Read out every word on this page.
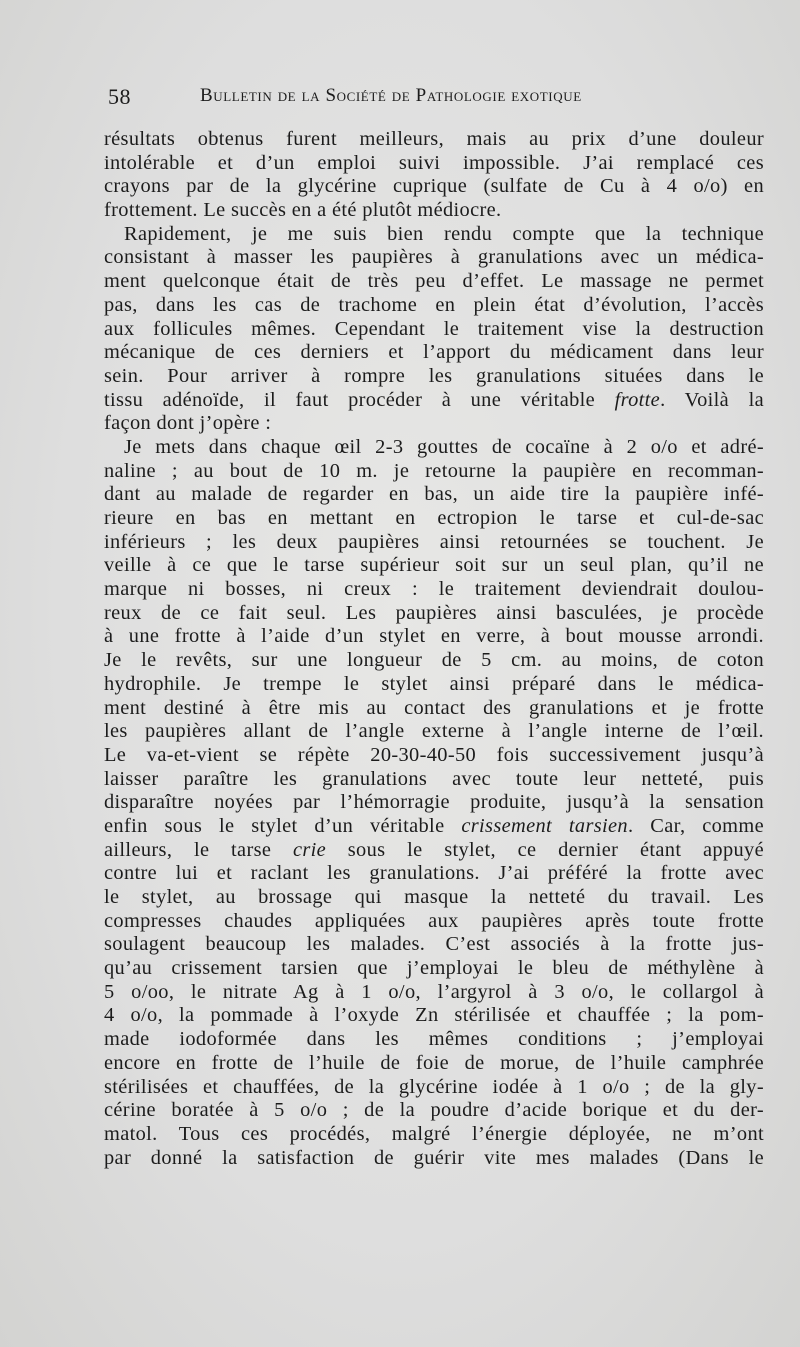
58	Bulletin de la Société de Pathologie exotique
résultats obtenus furent meilleurs, mais au prix d’une douleur
intolérable et d’un emploi suivi impossible. J’ai remplacé ces
crayons par de la glycérine cuprique (sulfate de Cu à 4 o/o) en
frottement. Le succès en a été plutôt médiocre.
Rapidement, je me suis bien rendu compte que la technique
consistant à masser les paupières à granulations avec un médica-
ment quelconque était de très peu d’effet. Le massage ne permet
pas, dans les cas de trachome en plein état d’évolution, l’accès
aux follicules mêmes. Cependant le traitement vise la destruction
mécanique de ces derniers et l’apport du médicament dans leur
sein. Pour arriver à rompre les granulations situées dans le
tissu adénoïde, il faut procéder à une véritable frotte. Voilà la
façon dont j’opère :
Je mets dans chaque œil 2-3 gouttes de cocaïne à 2 o/o et adré-
naline ; au bout de 10 m. je retourne la paupière en recomman-
dant au malade de regarder en bas, un aide tire la paupière infé-
rieure en bas en mettant en ectropion le tarse et cul-de-sac
inférieurs ; les deux paupières ainsi retournées se touchent. Je
veille à ce que le tarse supérieur soit sur un seul plan, qu’il ne
marque ni bosses, ni creux : le traitement deviendrait doulou-
reux de ce fait seul. Les paupières ainsi basculées, je procède
à une frotte à l’aide d’un stylet en verre, à bout mousse arrondi.
Je le revêts, sur une longueur de 5 cm. au moins, de coton
hydrophile. Je trempe le stylet ainsi préparé dans le médica-
ment destiné à être mis au contact des granulations et je frotte
les paupières allant de l’angle externe à l’angle interne de l’œil.
Le va-et-vient se répète 20-30-40-50 fois successivement jusqu’à
laisser paraître les granulations avec toute leur netteté, puis
disparaître noyées par l’hémorragie produite, jusqu’à la sensation
enfin sous le stylet d’un véritable crissement tarsien. Car, comme
ailleurs, le tarse crie sous le stylet, ce dernier étant appuyé
contre lui et raclant les granulations. J’ai préféré la frotte avec
le stylet, au brossage qui masque la netteté du travail. Les
compresses chaudes appliquées aux paupières après toute frotte
soulagent beaucoup les malades. C’est associés à la frotte jus-
qu’au crissement tarsien que j’employai le bleu de méthylène à
5 o/oo, le nitrate Ag à 1 o/o, l’argyrol à 3 o/o, le collargol à
4 o/o, la pommade à l’oxyde Zn stérilisée et chauffée ; la pom-
made iodoformée dans les mêmes conditions ; j’employai
encore en frotte de l’huile de foie de morue, de l’huile camphrée
stérilisées et chauffées, de la glycérine iodée à 1 o/o ; de la gly-
cérine boratée à 5 o/o ; de la poudre d’acide borique et du der-
matol. Tous ces procédés, malgré l’énergie déployée, ne m’ont
par donné la satisfaction de guérir vite mes malades (Dans le
